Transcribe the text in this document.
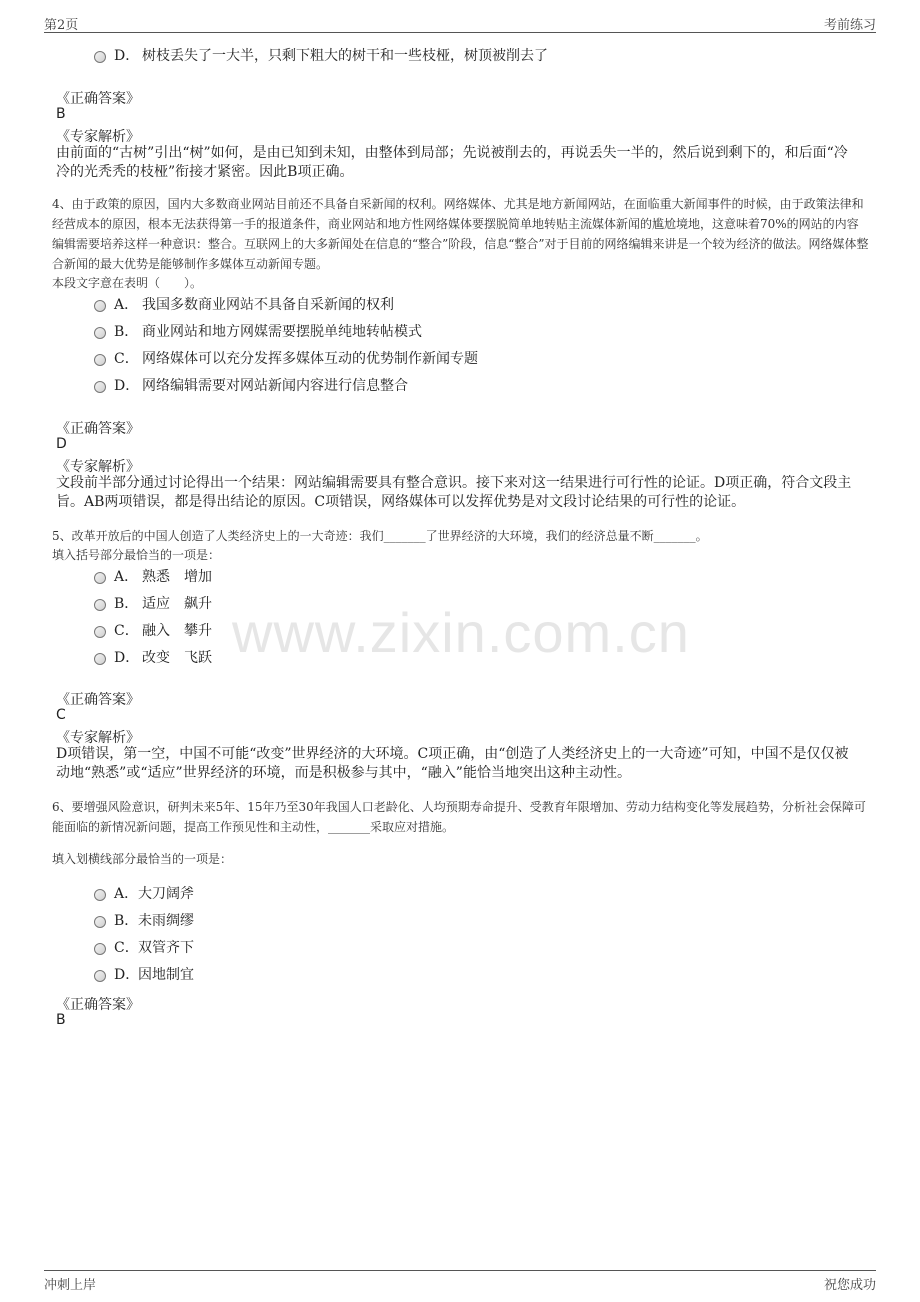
第2页	考前练习
www.zixin.com.cn
D． 树枝丢失了一大半，只剩下粗大的树干和一些枝桠，树顶被削去了
《正确答案》
B
《专家解析》
由前面的“古树”引出“树”如何，是由已知到未知，由整体到局部；先说被削去的，再说丢失一半的，然后说到剩下的，和后面“冷冷的光秃秃的枝桠”衔接才紧密。因此B项正确。
4、由于政策的原因，国内大多数商业网站目前还不具备自采新闻的权利。网络媒体、尤其是地方新闻网站，在面临重大新闻事件的时候，由于政策法律和经营成本的原因，根本无法获得第一手的报道条件，商业网站和地方性网络媒体要摆脱简单地转贴主流媒体新闻的尴尬境地，这意味着70%的网站的内容编辑需要培养这样一种意识：整合。互联网上的大多新闻处在信息的“整合”阶段，信息“整合”对于目前的网络编辑来讲是一个较为经济的做法。网络媒体整合新闻的最大优势是能够制作多媒体互动新闻专题。
本段文字意在表明（　　）。
A． 我国多数商业网站不具备自采新闻的权利
B． 商业网站和地方网媒需要摆脱单纯地转帖模式
C． 网络媒体可以充分发挥多媒体互动的优势制作新闻专题
D． 网络编辑需要对网站新闻内容进行信息整合
《正确答案》
D
《专家解析》
文段前半部分通过讨论得出一个结果：网站编辑需要具有整合意识。接下来对这一结果进行可行性的论证。D项正确，符合文段主旨。AB两项错误，都是得出结论的原因。C项错误，网络媒体可以发挥优势是对文段讨论结果的可行性的论证。
5、改革开放后的中国人创造了人类经济史上的一大奇迹：我们_______了世界经济的大环境，我们的经济总量不断_______。
填入括号部分最恰当的一项是：
A． 熟悉　增加
B． 适应　飙升
C． 融入　攀升
D． 改变　飞跃
《正确答案》
C
《专家解析》
D项错误，第一空，中国不可能“改变”世界经济的大环境。C项正确，由“创造了人类经济史上的一大奇迹”可知，中国不是仅仅被动地“熟悉”或“适应”世界经济的环境，而是积极参与其中，“融入”能恰当地突出这种主动性。
6、要增强风险意识，研判未来5年、15年乃至30年我国人口老龄化、人均预期寿命提升、受教育年限增加、劳动力结构变化等发展趋势，分析社会保障可能面临的新情况新问题，提高工作预见性和主动性，_______采取应对措施。
填入划横线部分最恰当的一项是：
A． 大刀阔斧
B． 未雨绸缪
C． 双管齐下
D．
因地制宜
《正确答案》
B
冲刺上岸	祝您成功
